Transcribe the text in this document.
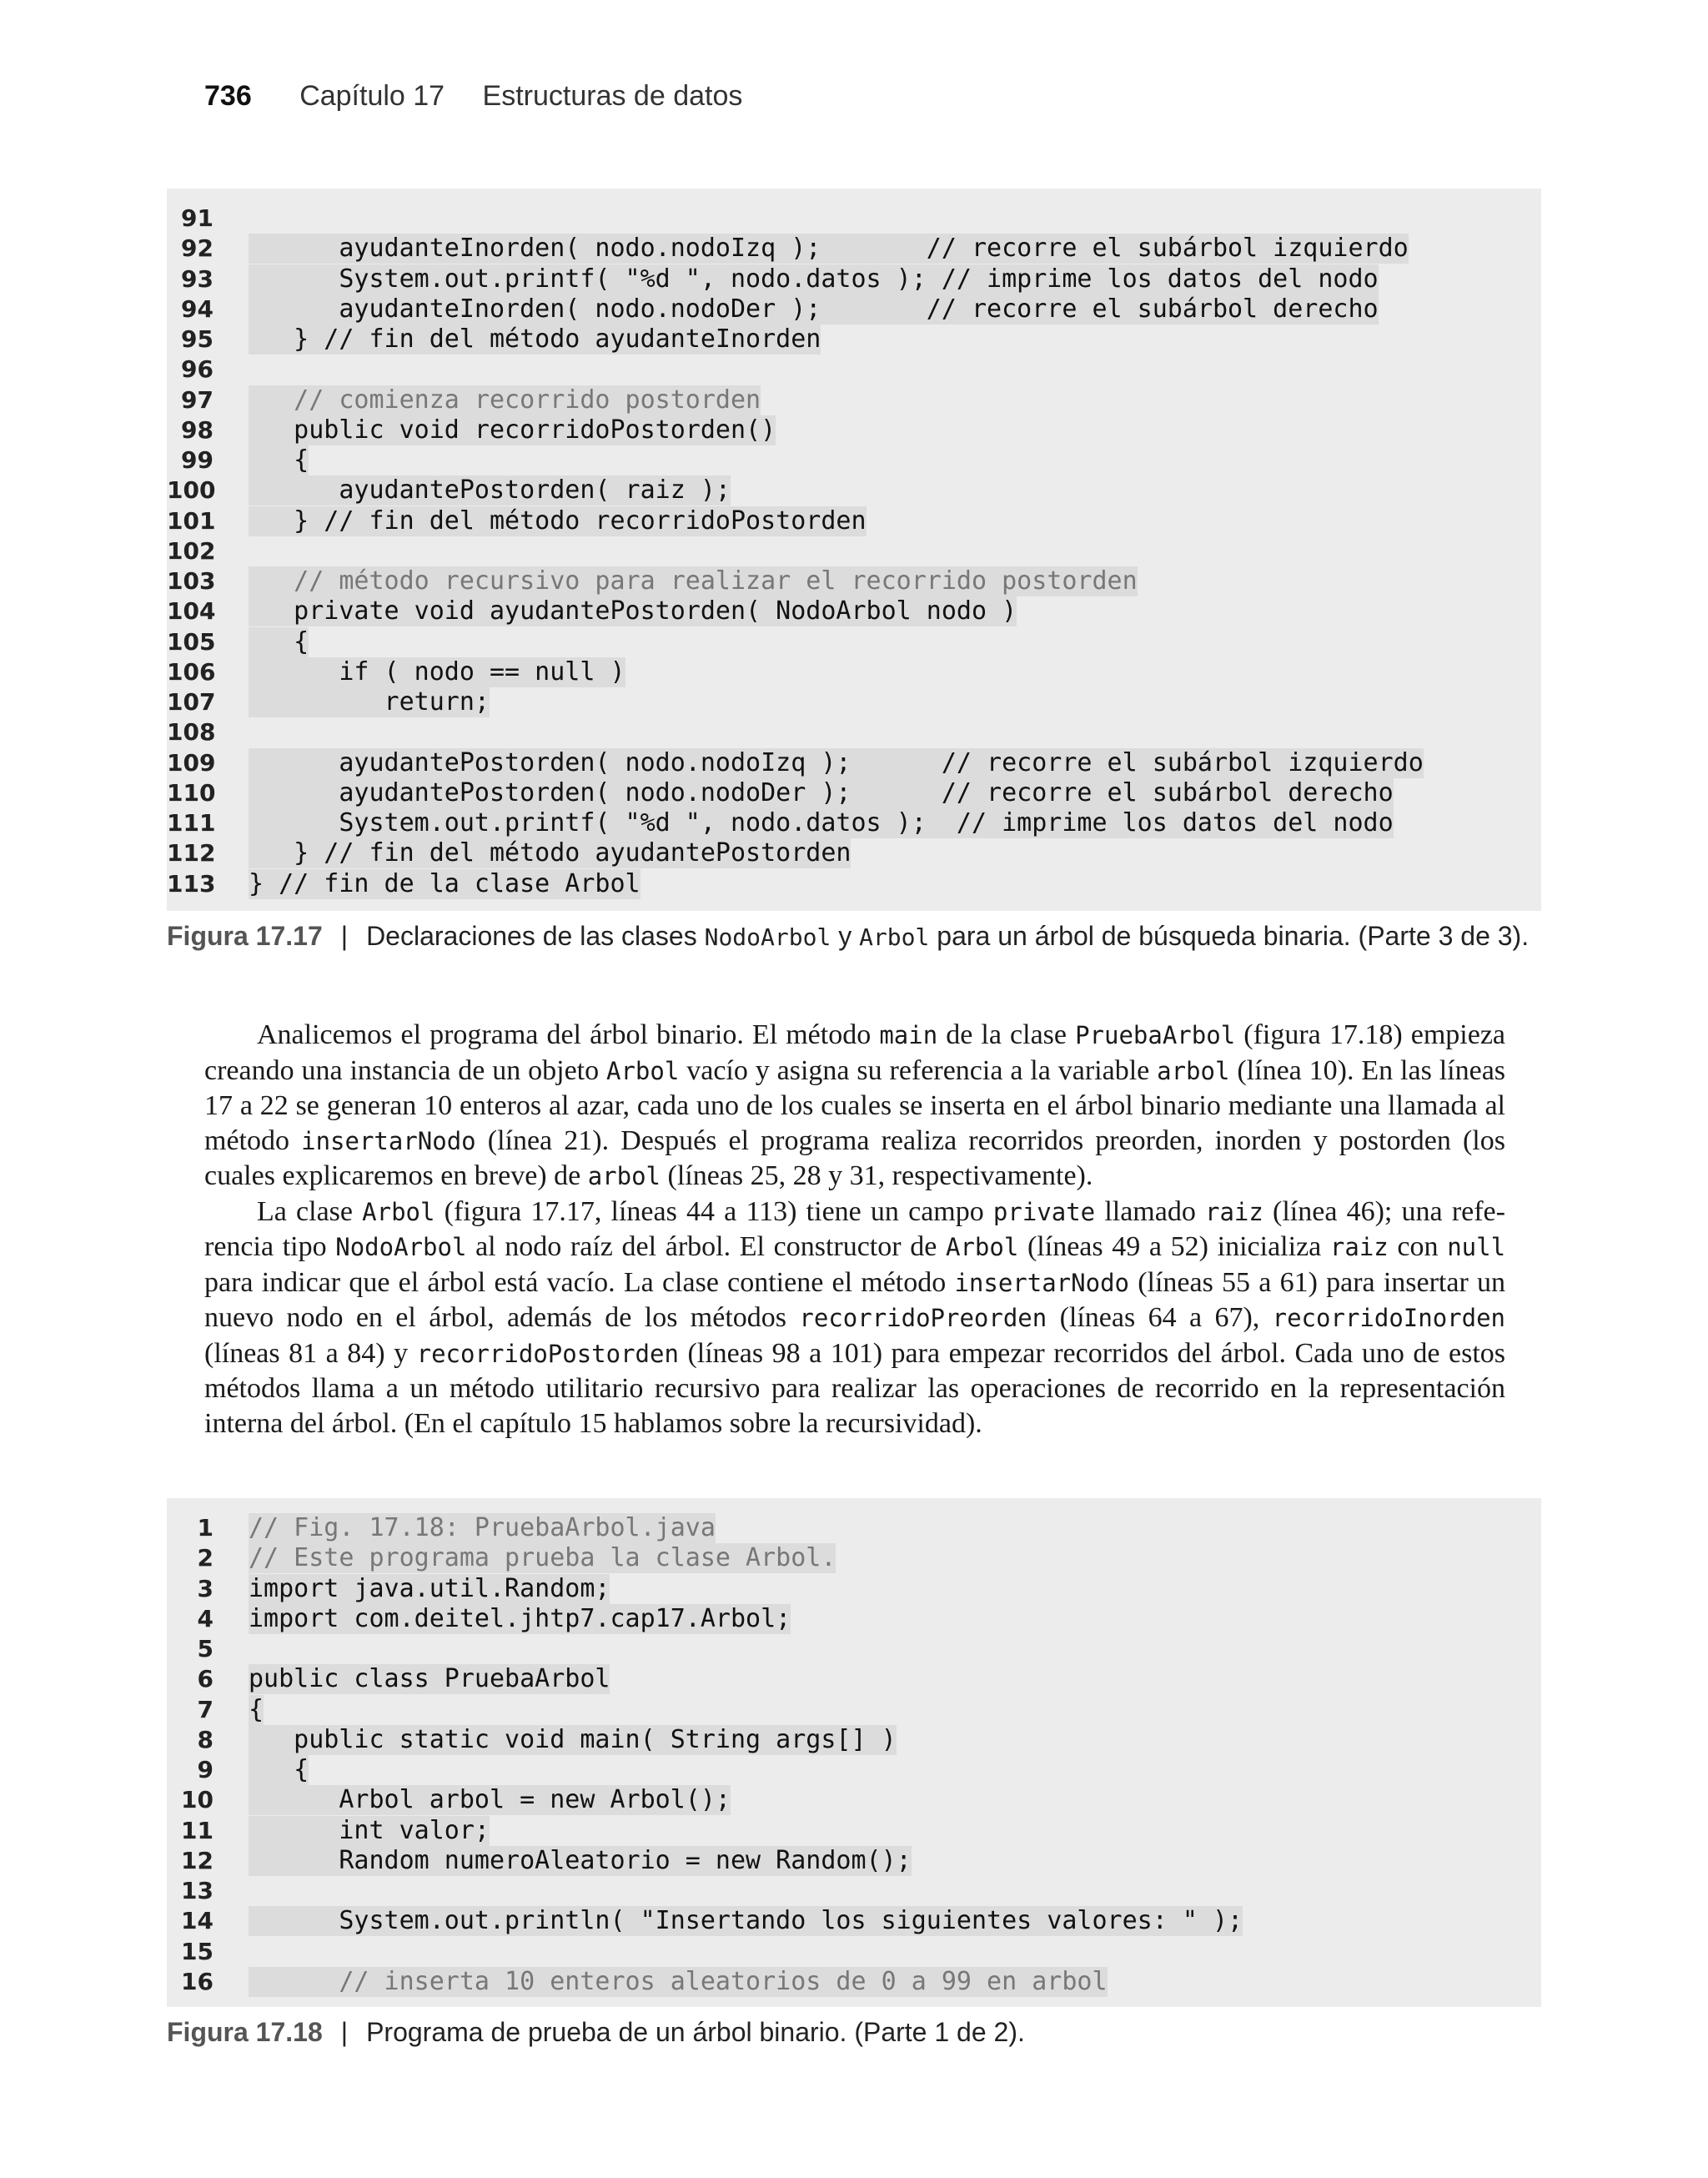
736 Capítulo 17 Estructuras de datos
91
92 ayudanteInorden( nodo.nodoIzq );       // recorre el subárbol izquierdo
93 System.out.printf( "%d ", nodo.datos ); // imprime los datos del nodo
94 ayudanteInorden( nodo.nodoDer );       // recorre el subárbol derecho
95 } // fin del método ayudanteInorden
96
97 // comienza recorrido postorden
98 public void recorridoPostorden()
99 {
100 ayudantePostorden( raiz );
101 } // fin del método recorridoPostorden
102
103 // método recursivo para realizar el recorrido postorden
104 private void ayudantePostorden( NodoArbol nodo )
105 {
106 if ( nodo == null )
107 return;
108
109 ayudantePostorden( nodo.nodoIzq );      // recorre el subárbol izquierdo
110 ayudantePostorden( nodo.nodoDer );      // recorre el subárbol derecho
111 System.out.printf( "%d ", nodo.datos );  // imprime los datos del nodo
112 } // fin del método ayudantePostorden
113 } // fin de la clase Arbol
Figura 17.17 | Declaraciones de las clases NodoArbol y Arbol para un árbol de búsqueda binaria. (Parte 3 de 3).

Analicemos el programa del árbol binario. El método main de la clase PruebaArbol (figura 17.18) empieza creando una instancia de un objeto Arbol vacío y asigna su referencia a la variable arbol (línea 10). En las líneas 17 a 22 se generan 10 enteros al azar, cada uno de los cuales se inserta en el árbol binario mediante una llamada al método insertarNodo (línea 21). Después el programa realiza recorridos preorden, inorden y postorden (los cuales explicaremos en breve) de arbol (líneas 25, 28 y 31, respectivamente).

La clase Arbol (figura 17.17, líneas 44 a 113) tiene un campo private llamado raiz (línea 46); una referencia tipo NodoArbol al nodo raíz del árbol. El constructor de Arbol (líneas 49 a 52) inicializa raiz con null para indicar que el árbol está vacío. La clase contiene el método insertarNodo (líneas 55 a 61) para insertar un nuevo nodo en el árbol, además de los métodos recorridoPreorden (líneas 64 a 67), recorridoInorden (líneas 81 a 84) y recorridoPostorden (líneas 98 a 101) para empezar recorridos del árbol. Cada uno de estos métodos llama a un método utilitario recursivo para realizar las operaciones de recorrido en la representación interna del árbol. (En el capítulo 15 hablamos sobre la recursividad).

1 // Fig. 17.18: PruebaArbol.java
2 // Este programa prueba la clase Arbol.
3 import java.util.Random;
4 import com.deitel.jhtp7.cap17.Arbol;
5
6 public class PruebaArbol
7 {
8 public static void main( String args[] )
9 {
10 Arbol arbol = new Arbol();
11 int valor;
12 Random numeroAleatorio = new Random();
13
14 System.out.println( "Insertando los siguientes valores: " );
15
16 // inserta 10 enteros aleatorios de 0 a 99 en arbol
Figura 17.18 | Programa de prueba de un árbol binario. (Parte 1 de 2).
